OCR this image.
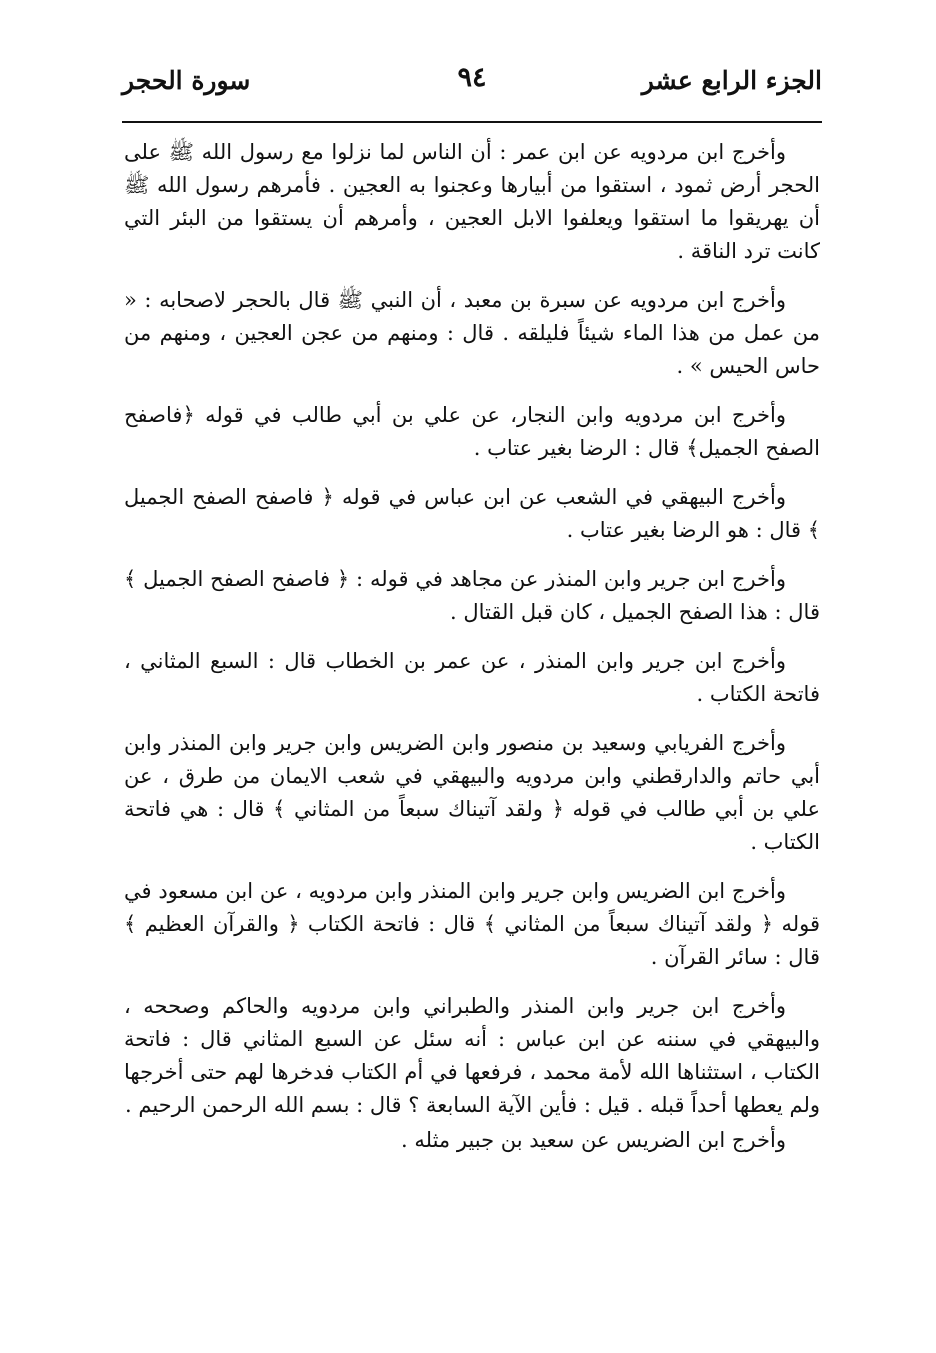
الجزء الرابع عشر
٩٤
سورة الحجر

وأخرج ابن مردويه عن ابن عمر : أن الناس لما نزلوا مع رسول الله ﷺ على الحجر أرض ثمود ، استقوا من أبيارها وعجنوا به العجين . فأمرهم رسول الله ﷺ أن يهريقوا ما استقوا ويعلفوا الابل العجين ، وأمرهم أن يستقوا من البئر التي كانت ترد الناقة .

وأخرج ابن مردويه عن سبرة بن معبد ، أن النبي ﷺ قال بالحجر لاصحابه : « من عمل من هذا الماء شيئاً فليلقه . قال : ومنهم من عجن العجين ، ومنهم من حاس الحيس » .

وأخرج ابن مردويه وابن النجار، عن علي بن أبي طالب في قوله ﴿فاصفح الصفح الجميل﴾ قال : الرضا بغير عتاب .

وأخرج البيهقي في الشعب عن ابن عباس في قوله ﴿ فاصفح الصفح الجميل ﴾ قال : هو الرضا بغير عتاب .

وأخرج ابن جرير وابن المنذر عن مجاهد في قوله : ﴿ فاصفح الصفح الجميل ﴾ قال : هذا الصفح الجميل ، كان قبل القتال .

وأخرج ابن جرير وابن المنذر ، عن عمر بن الخطاب قال : السبع المثاني ، فاتحة الكتاب .

وأخرج الفريابي وسعيد بن منصور وابن الضريس وابن جرير وابن المنذر وابن أبي حاتم والدارقطني وابن مردويه والبيهقي في شعب الايمان من طرق ، عن علي بن أبي طالب في قوله ﴿ ولقد آتيناك سبعاً من المثاني ﴾ قال : هي فاتحة الكتاب .

وأخرج ابن الضريس وابن جرير وابن المنذر وابن مردويه ، عن ابن مسعود في قوله ﴿ ولقد آتيناك سبعاً من المثاني ﴾ قال : فاتحة الكتاب ﴿ والقرآن العظيم ﴾ قال : سائر القرآن .

وأخرج ابن جرير وابن المنذر والطبراني وابن مردويه والحاكم وصححه ، والبيهقي في سننه عن ابن عباس : أنه سئل عن السبع المثاني قال : فاتحة الكتاب ، استثناها الله لأمة محمد ، فرفعها في أم الكتاب فدخرها لهم حتى أخرجها ولم يعطها أحداً قبله . قيل : فأين الآية السابعة ؟ قال : بسم الله الرحمن الرحيم .

وأخرج ابن الضريس عن سعيد بن جبير مثله .
